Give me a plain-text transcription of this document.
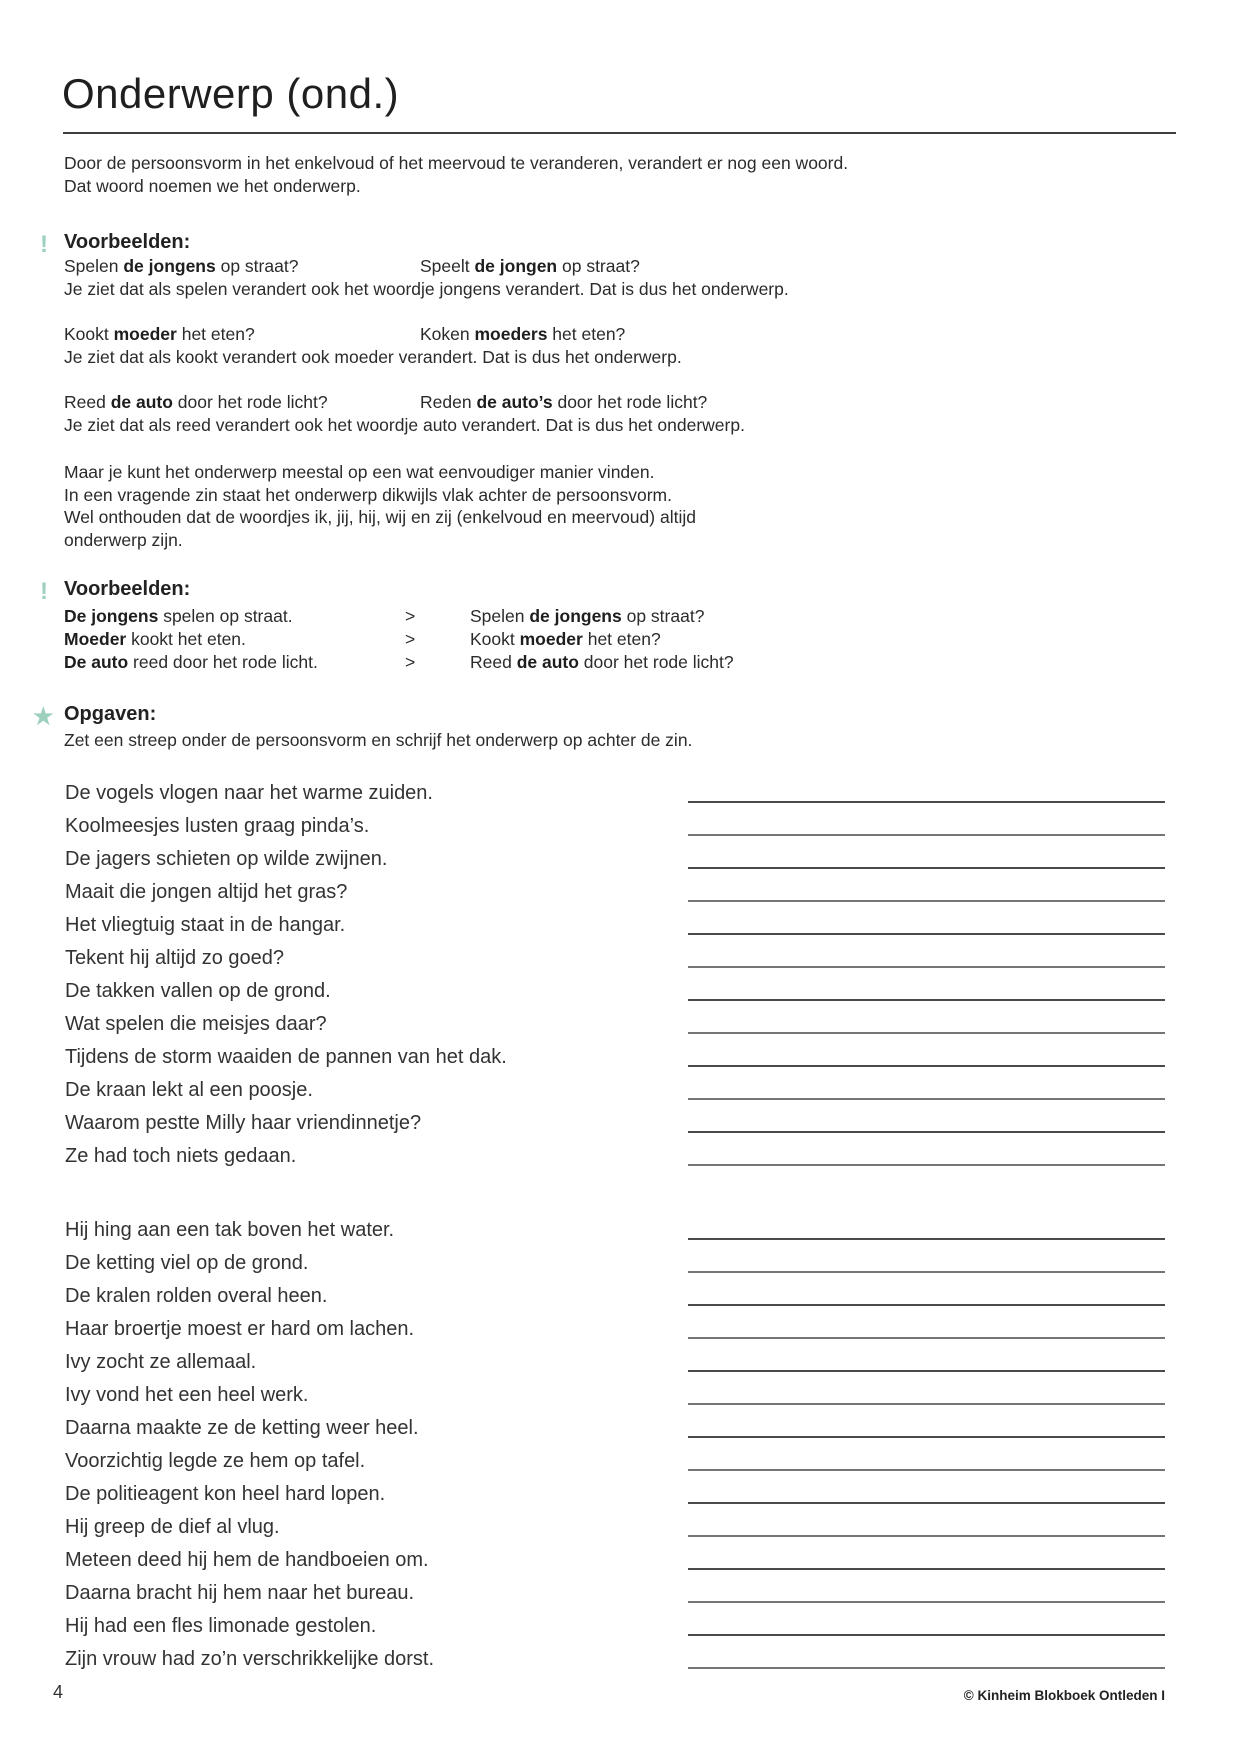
Onderwerp (ond.)
Door de persoonsvorm in het enkelvoud of het meervoud te veranderen, verandert er nog een woord.
Dat woord noemen we het onderwerp.
! Voorbeelden:
Spelen de jongens op straat?	Speelt de jongen op straat?
Je ziet dat als spelen verandert ook het woordje jongens verandert. Dat is dus het onderwerp.
Kookt moeder het eten?	Koken moeders het eten?
Je ziet dat als kookt verandert ook moeder verandert. Dat is dus het onderwerp.
Reed de auto door het rode licht?	Reden de auto’s door het rode licht?
Je ziet dat als reed verandert ook het woordje auto verandert. Dat is dus het onderwerp.
Maar je kunt het onderwerp meestal op een wat eenvoudiger manier vinden.
In een vragende zin staat het onderwerp dikwijls vlak achter de persoonsvorm.
Wel onthouden dat de woordjes ik, jij, hij, wij en zij (enkelvoud en meervoud) altijd
onderwerp zijn.
! Voorbeelden:
De jongens spelen op straat.	>	Spelen de jongens op straat?
Moeder kookt het eten.	>	Kookt moeder het eten?
De auto reed door het rode licht.	>	Reed de auto door het rode licht?
★ Opgaven:
Zet een streep onder de persoonsvorm en schrijf het onderwerp op achter de zin.
De vogels vlogen naar het warme zuiden.
Koolmeesjes lusten graag pinda’s.
De jagers schieten op wilde zwijnen.
Maait die jongen altijd het gras?
Het vliegtuig staat in de hangar.
Tekent hij altijd zo goed?
De takken vallen op de grond.
Wat spelen die meisjes daar?
Tijdens de storm waaiden de pannen van het dak.
De kraan lekt al een poosje.
Waarom pestte Milly haar vriendinnetje?
Ze had toch niets gedaan.
Hij hing aan een tak boven het water.
De ketting viel op de grond.
De kralen rolden overal heen.
Haar broertje moest er hard om lachen.
Ivy zocht ze allemaal.
Ivy vond het een heel werk.
Daarna maakte ze de ketting weer heel.
Voorzichtig legde ze hem op tafel.
De politieagent kon heel hard lopen.
Hij greep de dief al vlug.
Meteen deed hij hem de handboeien om.
Daarna bracht hij hem naar het bureau.
Hij had een fles limonade gestolen.
Zijn vrouw had zo’n verschrikkelijke dorst.
4	© Kinheim Blokboek Ontleden I
